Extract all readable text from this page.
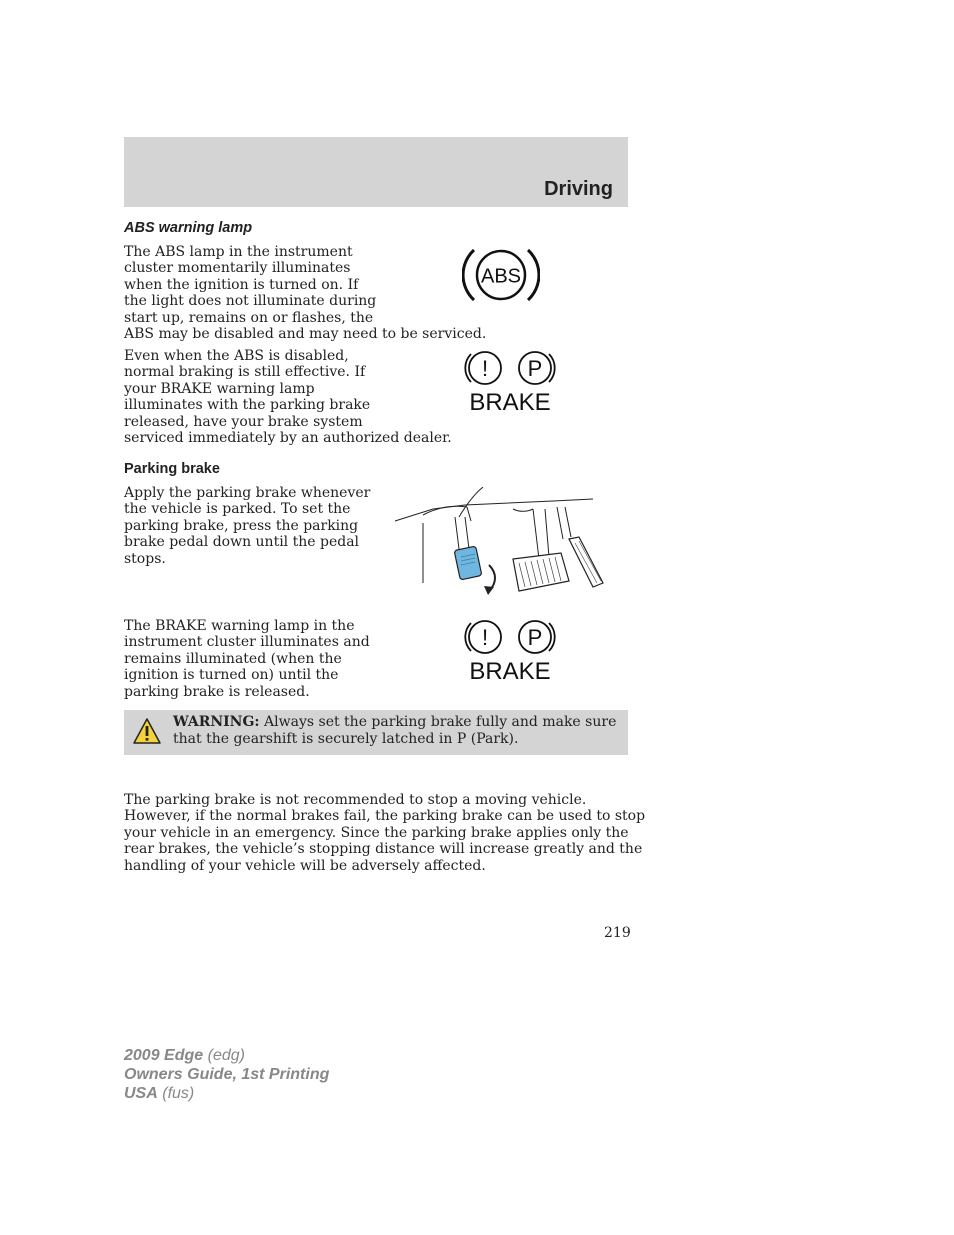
Driving
ABS warning lamp

The ABS lamp in the instrument
cluster momentarily illuminates
when the ignition is turned on. If
the light does not illuminate during
start up, remains on or flashes, the
ABS may be disabled and may need to be serviced.

ABS

Even when the ABS is disabled,
normal braking is still effective. If
your BRAKE warning lamp
illuminates with the parking brake
released, have your brake system
serviced immediately by an authorized dealer.

! P
BRAKE
Parking brake

Apply the parking brake whenever
the vehicle is parked. To set the
parking brake, press the parking
brake pedal down until the pedal
stops.

The BRAKE warning lamp in the
instrument cluster illuminates and
remains illuminated (when the
ignition is turned on) until the
parking brake is released.

! P
BRAKE

WARNING: Always set the parking brake fully and make sure
that the gearshift is securely latched in P (Park).

The parking brake is not recommended to stop a moving vehicle.
However, if the normal brakes fail, the parking brake can be used to stop
your vehicle in an emergency. Since the parking brake applies only the
rear brakes, the vehicle’s stopping distance will increase greatly and the
handling of your vehicle will be adversely affected.

219
2009 Edge (edg)
Owners Guide, 1st Printing
USA (fus)
